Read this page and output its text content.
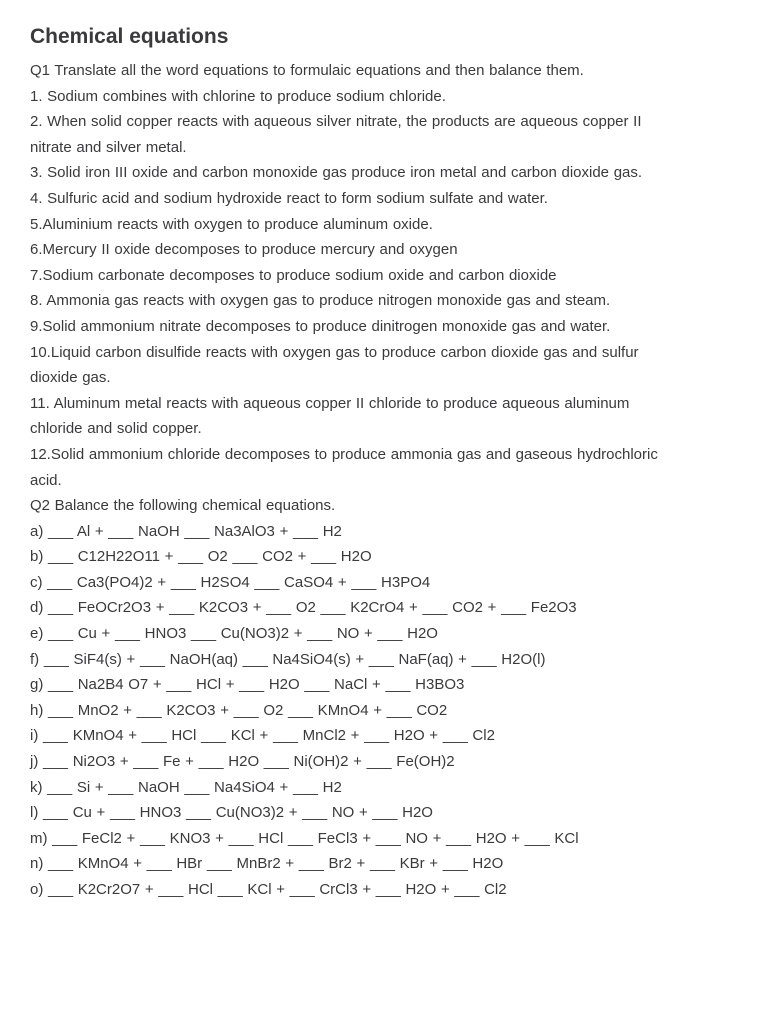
Chemical equations
Q1 Translate all the word equations to formulaic equations and then balance them.
1. Sodium combines with chlorine to produce sodium chloride.
2. When solid copper reacts with aqueous silver nitrate, the products are aqueous copper II
nitrate and silver metal.
3. Solid iron III oxide and carbon monoxide gas produce iron metal and carbon dioxide gas.
4. Sulfuric acid and sodium hydroxide react to form sodium sulfate and water.
5.Aluminium reacts with oxygen to produce aluminum oxide.
6.Mercury II oxide decomposes to produce mercury and oxygen
7.Sodium carbonate decomposes to produce sodium oxide and carbon dioxide
8. Ammonia gas reacts with oxygen gas to produce nitrogen monoxide gas and steam.
9.Solid ammonium nitrate decomposes to produce dinitrogen monoxide gas and water.
10.Liquid carbon disulfide reacts with oxygen gas to produce carbon dioxide gas and sulfur
dioxide gas.
11. Aluminum metal reacts with aqueous copper II chloride to produce aqueous aluminum
chloride and solid copper.
12.Solid ammonium chloride decomposes to produce ammonia gas and gaseous hydrochloric
acid.
Q2 Balance the following chemical equations.
a) ___ Al + ___ NaOH ___ Na3AlO3 + ___ H2
b) ___ C12H22O11 + ___ O2 ___ CO2 + ___ H2O
c) ___ Ca3(PO4)2 + ___ H2SO4 ___ CaSO4 + ___ H3PO4
d) ___ FeOCr2O3 + ___ K2CO3 + ___ O2 ___ K2CrO4 + ___ CO2 + ___ Fe2O3
e) ___ Cu + ___ HNO3 ___ Cu(NO3)2 + ___ NO + ___ H2O
f) ___ SiF4(s) + ___ NaOH(aq) ___ Na4SiO4(s) + ___ NaF(aq) + ___ H2O(l)
g) ___ Na2B4 O7 + ___ HCl + ___ H2O ___ NaCl + ___ H3BO3
h) ___ MnO2 + ___ K2CO3 + ___ O2 ___ KMnO4 + ___ CO2
i) ___ KMnO4 + ___ HCl ___ KCl + ___ MnCl2 + ___ H2O + ___ Cl2
j) ___ Ni2O3 + ___ Fe + ___ H2O ___ Ni(OH)2 + ___ Fe(OH)2
k) ___ Si + ___ NaOH ___ Na4SiO4 + ___ H2
l) ___ Cu + ___ HNO3 ___ Cu(NO3)2 + ___ NO + ___ H2O
m) ___ FeCl2 + ___ KNO3 + ___ HCl ___ FeCl3 + ___ NO + ___ H2O + ___ KCl
n) ___ KMnO4 + ___ HBr ___ MnBr2 + ___ Br2 + ___ KBr + ___ H2O
o) ___ K2Cr2O7 + ___ HCl ___ KCl + ___ CrCl3 + ___ H2O + ___ Cl2
